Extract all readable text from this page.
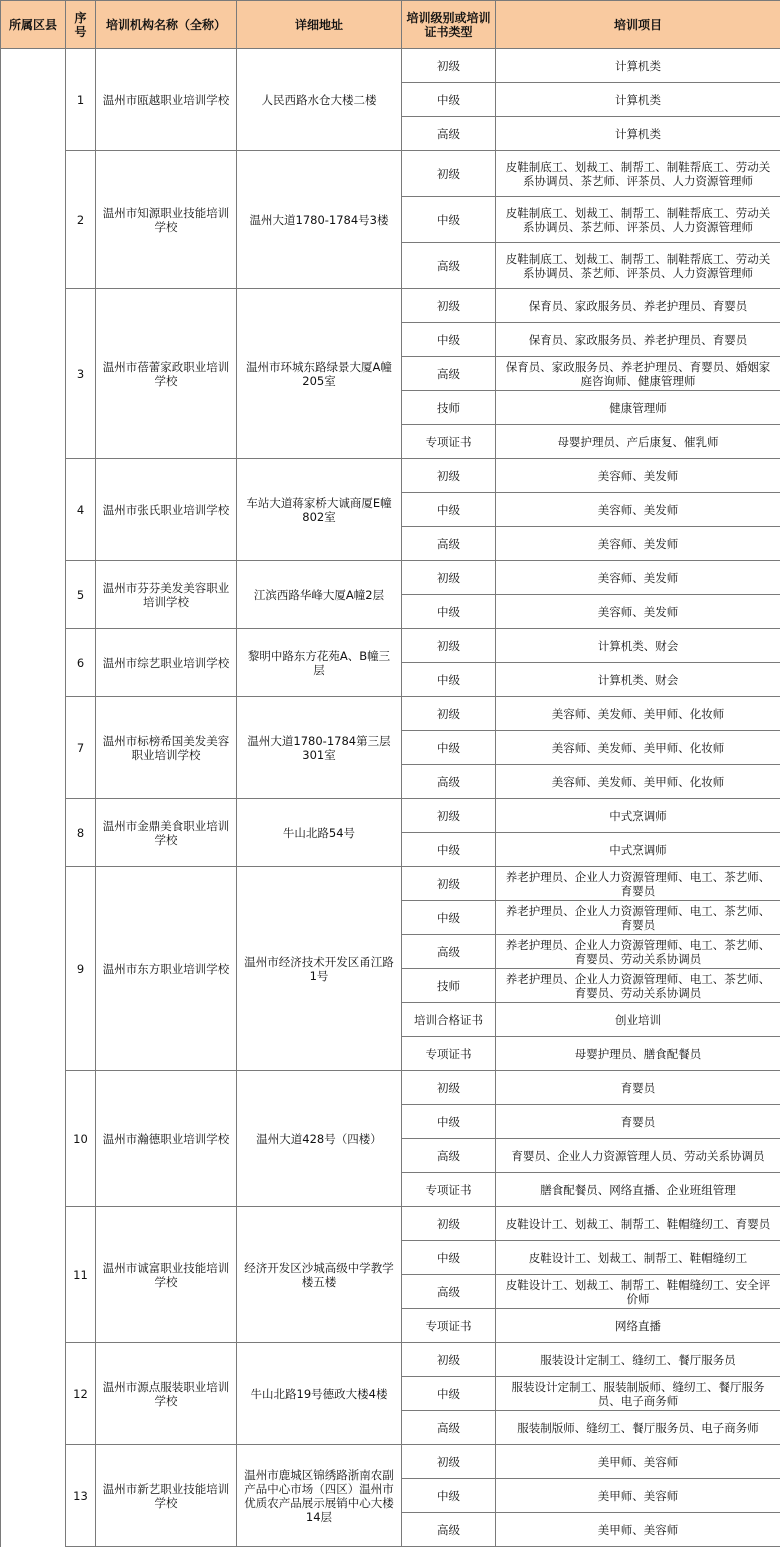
所属区县	序号	培训机构名称（全称）	详细地址	培训级别或培训证书类型	培训项目
	1	温州市瓯越职业培训学校	人民西路水仓大楼二楼	初级	计算机类
				中级	计算机类
				高级	计算机类
	2	温州市知源职业技能培训学校	温州大道1780-1784号3楼	初级	皮鞋制底工、划裁工、制帮工、制鞋帮底工、劳动关系协调员、茶艺师、评茶员、人力资源管理师
				中级	皮鞋制底工、划裁工、制帮工、制鞋帮底工、劳动关系协调员、茶艺师、评茶员、人力资源管理师
				高级	皮鞋制底工、划裁工、制帮工、制鞋帮底工、劳动关系协调员、茶艺师、评茶员、人力资源管理师
	3	温州市蓓蕾家政职业培训学校	温州市环城东路绿景大厦A幢205室	初级	保育员、家政服务员、养老护理员、育婴员
				中级	保育员、家政服务员、养老护理员、育婴员
				高级	保育员、家政服务员、养老护理员、育婴员、婚姻家庭咨询师、健康管理师
				技师	健康管理师
				专项证书	母婴护理员、产后康复、催乳师
	4	温州市张氏职业培训学校	车站大道蒋家桥大诚商厦E幢802室	初级	美容师、美发师
				中级	美容师、美发师
				高级	美容师、美发师
	5	温州市芬芬美发美容职业培训学校	江滨西路华峰大厦A幢2层	初级	美容师、美发师
				中级	美容师、美发师
	6	温州市综艺职业培训学校	黎明中路东方花苑A、B幢三层	初级	计算机类、财会
				中级	计算机类、财会
	7	温州市标榜希国美发美容职业培训学校	温州大道1780-1784第三层301室	初级	美容师、美发师、美甲师、化妆师
				中级	美容师、美发师、美甲师、化妆师
				高级	美容师、美发师、美甲师、化妆师
	8	温州市金鼎美食职业培训学校	牛山北路54号	初级	中式烹调师
				中级	中式烹调师
	9	温州市东方职业培训学校	温州市经济技术开发区甬江路1号	初级	养老护理员、企业人力资源管理师、电工、茶艺师、育婴员
				中级	养老护理员、企业人力资源管理师、电工、茶艺师、育婴员
				高级	养老护理员、企业人力资源管理师、电工、茶艺师、育婴员、劳动关系协调员
				技师	养老护理员、企业人力资源管理师、电工、茶艺师、育婴员、劳动关系协调员
				培训合格证书	创业培训
				专项证书	母婴护理员、膳食配餐员
	10	温州市瀚德职业培训学校	温州大道428号（四楼）	初级	育婴员
				中级	育婴员
				高级	育婴员、企业人力资源管理人员、劳动关系协调员
				专项证书	膳食配餐员、网络直播、企业班组管理
	11	温州市诚富职业技能培训学校	经济开发区沙城高级中学教学楼五楼	初级	皮鞋设计工、划裁工、制帮工、鞋帽缝纫工、育婴员
				中级	皮鞋设计工、划裁工、制帮工、鞋帽缝纫工
				高级	皮鞋设计工、划裁工、制帮工、鞋帽缝纫工、安全评价师
				专项证书	网络直播
	12	温州市源点服装职业培训学校	牛山北路19号德政大楼4楼	初级	服装设计定制工、缝纫工、餐厅服务员
				中级	服装设计定制工、服装制版师、缝纫工、餐厅服务员、电子商务师
				高级	服装制版师、缝纫工、餐厅服务员、电子商务师
	13	温州市新艺职业技能培训学校	温州市鹿城区锦绣路浙南农副产品中心市场（四区）温州市优质农产品展示展销中心大楼14层	初级	美甲师、美容师
				中级	美甲师、美容师
				高级	美甲师、美容师
